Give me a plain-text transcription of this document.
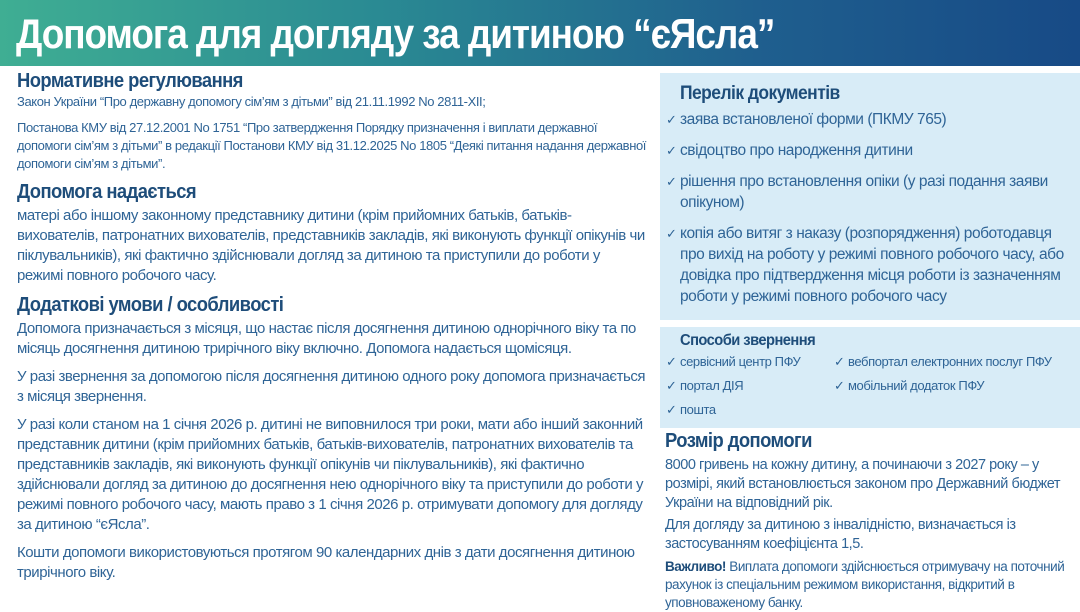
Допомога для догляду за дитиною “єЯсла”
Нормативне регулювання

Закон України “Про державну допомогу сім’ям з дітьми” від 21.11.1992 No 2811-XII;

Постанова КМУ від 27.12.2001 No 1751 “Про затвердження Порядку призначення і виплати державної допомоги сім’ям з дітьми” в редакції Постанови КМУ від 31.12.2025 No 1805 “Деякі питання надання державної допомоги сім’ям з дітьми”.

Допомога надається

матері або іншому законному представнику дитини (крім прийомних батьків, батьків-вихователів, патронатних вихователів, представників закладів, які виконують функції опікунів чи піклувальників), які фактично здійснювали догляд за дитиною та приступили до роботи у режимі повного робочого часу.

Додаткові умови / особливості

Допомога призначається з місяця, що настає після досягнення дитиною однорічного віку та по місяць досягнення дитиною трирічного віку включно. Допомога надається щомісяця.

У разі звернення за допомогою після досягнення дитиною одного року допомога призначається з місяця звернення.

У разі коли станом на 1 січня 2026 р. дитині не виповнилося три роки, мати або інший законний представник дитини (крім прийомних батьків, батьків-вихователів, патронатних вихователів та представників закладів, які виконують функції опікунів чи піклувальників), які фактично здійснювали догляд за дитиною до досягнення нею однорічного віку та приступили до роботи у режимі повного робочого часу, мають право з 1 січня 2026 р. отримувати допомогу для догляду за дитиною “єЯсла”.

Кошти допомоги використовуються протягом 90 календарних днів з дати досягнення дитиною трирічного віку.

Перелік документів
✓ заява встановленої форми (ПКМУ 765)
✓ свідоцтво про народження дитини
✓ рішення про встановлення опіки (у разі подання заяви опікуном)
✓ копія або витяг з наказу (розпорядження) роботодавця про вихід на роботу у режимі повного робочого часу, або довідка про підтвердження місця роботи із зазначенням роботи у режимі повного робочого часу
Способи звернення
✓ сервісний центр ПФУ	✓ вебпортал електронних послуг ПФУ
✓ портал ДІЯ	✓ мобільний додаток ПФУ
✓ пошта
Розмір допомоги

8000 гривень на кожну дитину, а починаючи з 2027 року – у розмірі, який встановлюється законом про Державний бюджет України на відповідний рік.

Для догляду за дитиною з інвалідністю, визначається із застосуванням коефіцієнта 1,5.

Важливо! Виплата допомоги здійснюється отримувачу на поточний рахунок із спеціальним режимом використання, відкритий в уповноваженому банку.
